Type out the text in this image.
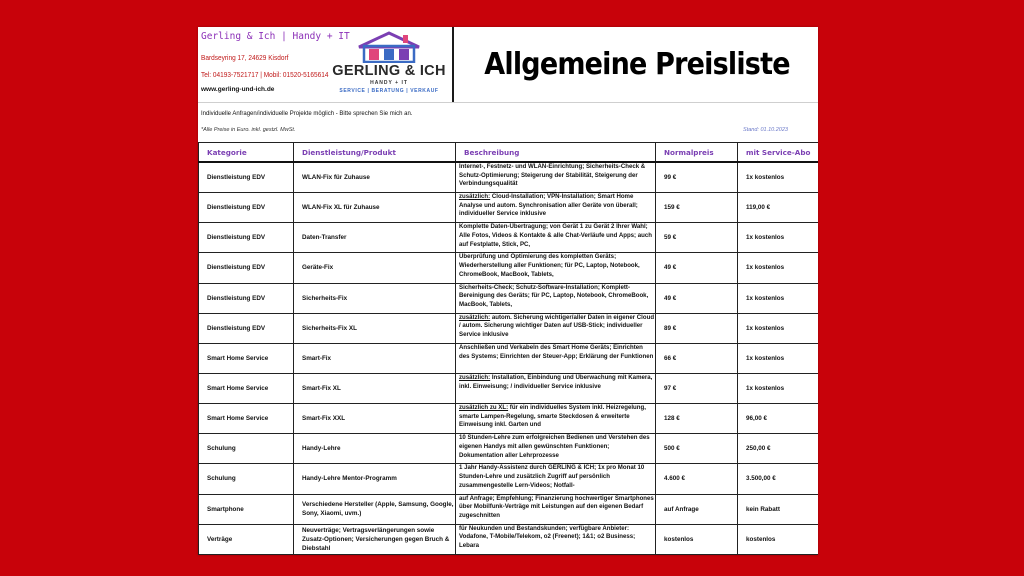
Gerling & Ich | Handy + IT
Bardseyring 17, 24629 Kisdorf
Tel: 04193-7521717 | Mobil: 01520-5165614
www.gerling-und-ich.de
GERLING & ICH
HANDY + IT
SERVICE | BERATUNG | VERKAUF
Allgemeine Preisliste
Individuelle Anfragen/individuelle Projekte möglich - Bitte sprechen Sie mich an.
*Alle Preise in Euro. inkl. gestzl. MwSt.	Stand: 01.10.2023
Kategorie	Dienstleistung/Produkt	Beschreibung	Normalpreis	mit Service-Abo
Dienstleistung EDV	WLAN-Fix für Zuhause	Internet-, Festnetz- und WLAN-Einrichtung; Sicherheits-Check & Schutz-Optimierung; Steigerung der Stabilität, Steigerung der Verbindungsqualität	99 €	1x kostenlos
Dienstleistung EDV	WLAN-Fix XL für Zuhause	zusätzlich: Cloud-Installation; VPN-Installation; Smart Home Analyse und autom. Synchronisation aller Geräte von überall; individueller Service inklusive	159 €	119,00 €
Dienstleistung EDV	Daten-Transfer	Komplette Daten-Übertragung; von Gerät 1 zu Gerät 2 Ihrer Wahl; Alle Fotos, Videos & Kontakte & alle Chat-Verläufe und Apps; auch auf Festplatte, Stick, PC,	59 €	1x kostenlos
Dienstleistung EDV	Geräte-Fix	Überprüfung und Optimierung des kompletten Geräts; Wiederherstellung aller Funktionen; für PC, Laptop, Notebook, ChromeBook, MacBook, Tablets,	49 €	1x kostenlos
Dienstleistung EDV	Sicherheits-Fix	Sicherheits-Check; Schutz-Software-Installation; Komplett-Bereinigung des Geräts; für PC, Laptop, Notebook, ChromeBook, MacBook, Tablets,	49 €	1x kostenlos
Dienstleistung EDV	Sicherheits-Fix XL	zusätzlich: autom. Sicherung wichtiger/aller Daten in eigener Cloud / autom. Sicherung wichtiger Daten auf USB-Stick; individueller Service inklusive	89 €	1x kostenlos
Smart Home Service	Smart-Fix	Anschließen und Verkabeln des Smart Home Geräts; Einrichten des Systems; Einrichten der Steuer-App; Erklärung der Funktionen	66 €	1x kostenlos
Smart Home Service	Smart-Fix XL	zusätzlich: Installation, Einbindung und Überwachung mit Kamera, inkl. Einweisung; / individueller Service inklusive	97 €	1x kostenlos
Smart Home Service	Smart-Fix XXL	zusätzlich zu XL: für ein individuelles System inkl. Heizregelung, smarte Lampen-Regelung, smarte Steckdosen & erweiterte Einweisung inkl. Garten und	128 €	96,00 €
Schulung	Handy-Lehre	10 Stunden-Lehre zum erfolgreichen Bedienen und Verstehen des eigenen Handys mit allen gewünschten Funktionen; Dokumentation aller Lehrprozesse	500 €	250,00 €
Schulung	Handy-Lehre Mentor-Programm	1 Jahr Handy-Assistenz durch GERLING & ICH; 1x pro Monat 10 Stunden-Lehre und zusätzlich Zugriff auf persönlich zusammengestelle Lern-Videos; Notfall-	4.600 €	3.500,00 €
Smartphone	Verschiedene Hersteller (Apple, Samsung, Google, Sony, Xiaomi, uvm.)	auf Anfrage; Empfehlung; Finanzierung hochwertiger Smartphones über Mobilfunk-Verträge mit Leistungen auf den eigenen Bedarf zugeschnitten	auf Anfrage	kein Rabatt
Verträge	Neuverträge; Vertragsverlängerungen sowie Zusatz-Optionen; Versicherungen gegen Bruch & Diebstahl	für Neukunden und Bestandskunden; verfügbare Anbieter: Vodafone, T-Mobile/Telekom, o2 (Freenet); 1&1; o2 Business; Lebara	kostenlos	kostenlos
